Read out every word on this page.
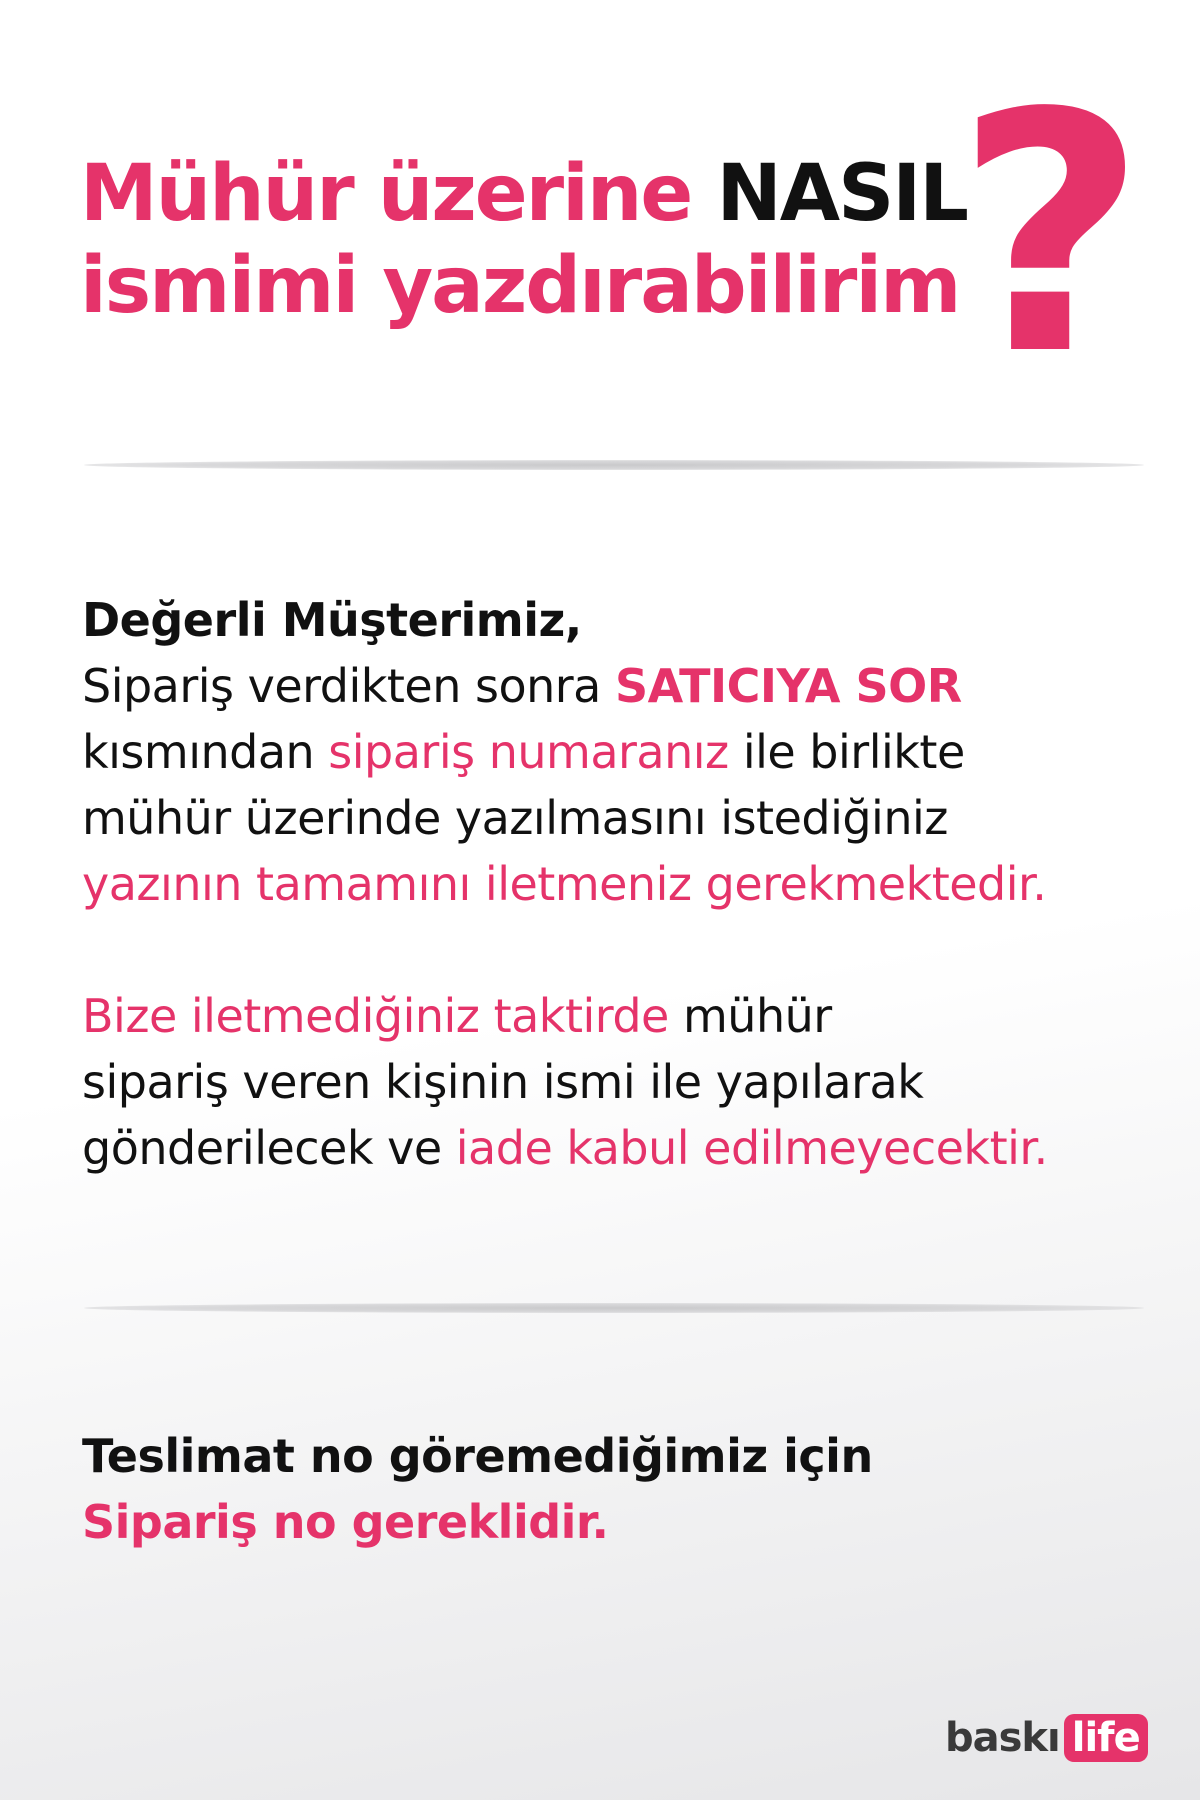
Mühür üzerine NASIL
ismimi yazdırabilirim
?

Değerli Müşterimiz,

Sipariş verdikten sonra SATICIYA SOR

kısmından sipariş numaranız ile birlikte

mühür üzerinde yazılmasını istediğiniz

yazının tamamını iletmeniz gerekmektedir.

Bize iletmediğiniz taktirde mühür

sipariş veren kişinin ismi ile yapılarak

gönderilecek ve iade kabul edilmeyecektir.

Teslimat no göremediğimiz için

Sipariş no gereklidir.

baskı life
